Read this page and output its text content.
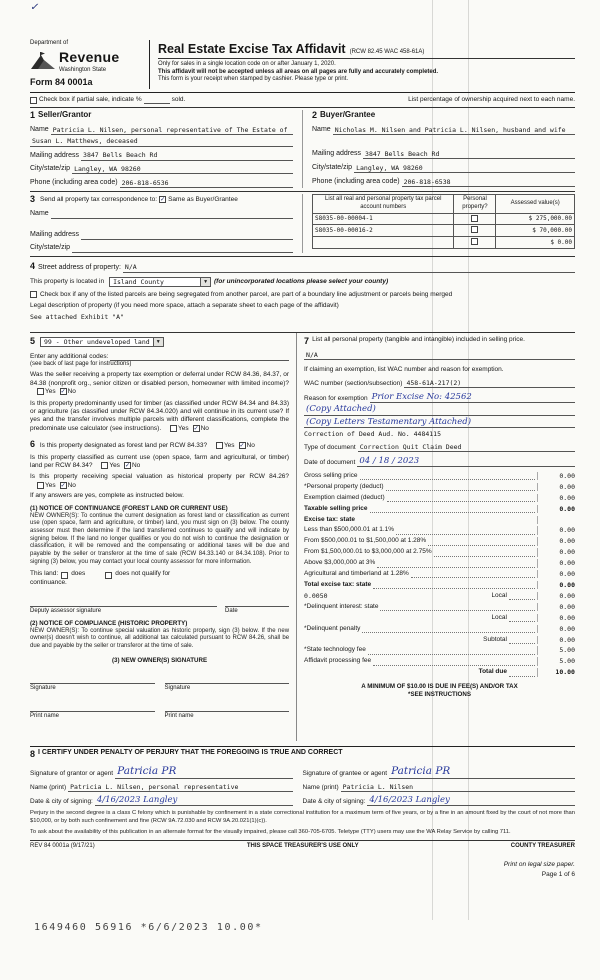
✓
Department of
Revenue
Washington State
Form 84 0001a
Real Estate Excise Tax Affidavit (RCW 82.45 WAC 458-61A)
Only for sales in a single location code on or after January 1, 2020.
This affidavit will not be accepted unless all areas on all pages are fully and accurately completed.
This form is your receipt when stamped by cashier. Please type or print.
Check box if partial sale, indicate %	sold.	List percentage of ownership acquired next to each name.
1 Seller/Grantor
Name Patricia L. Nilsen, personal representative of The Estate of
Susan L. Matthews, deceased
Mailing address 3847 Bells Beach Rd
City/state/zip Langley, WA 98260
Phone (including area code) 206-818-6536
2 Buyer/Grantee
Name Nicholas M. Nilsen and Patricia L. Nilsen, husband and wife
Mailing address 3847 Bells Beach Rd
City/state/zip Langley, WA 98260
Phone (including area code) 206-818-6538
3 Send all property tax correspondence to: ✓ Same as Buyer/Grantee
Name
Mailing address
City/state/zip
List all real and personal property tax parcel account numbers	Personal property?	Assessed value(s)
S8035-00-00004-1		$ 275,000.00
S8035-00-00016-2		$ 70,000.00
		$ 0.00
4 Street address of property: N/A
This property is located in	Island County	▼ (for unincorporated locations please select your county)
Check box if any of the listed parcels are being segregated from another parcel, are part of a boundary line adjustment or parcels being merged
Legal description of property (if you need more space, attach a separate sheet to each page of the affidavit)
See attached Exhibit "A"
5	99 - Other undeveloped land	▼
Enter any additional codes:
(see back of last page for instructions)
Was the seller receiving a property tax exemption or deferral under RCW 84.36, 84.37, or 84.38 (nonprofit org., senior citizen or disabled person, homeowner with limited income)? Yes ✓ No
Is this property predominantly used for timber (as classified under RCW 84.34 and 84.33) or agriculture (as classified under RCW 84.34.020) and will continue in its current use? If yes and the transfer involves multiple parcels with different classifications, complete the predominate use calculator (see instructions).	Yes ✓ No
6 Is this property designated as forest land per RCW 84.33?	Yes ✓ No
Is this property classified as current use (open space, farm and agricultural, or timber) land per RCW 84.34?	Yes ✓ No
Is this property receiving special valuation as historical property per RCW 84.26? Yes ✓ No
If any answers are yes, complete as instructed below.
(1) NOTICE OF CONTINUANCE (FOREST LAND OR CURRENT USE)
NEW OWNER(S): To continue the current designation as forest land or classification as current use (open space, farm and agriculture, or timber) land, you must sign on (3) below. The county assessor must then determine if the land transferred continues to qualify and will indicate by signing below. If the land no longer qualifies or you do not wish to continue the designation or classification, it will be removed and the compensating or additional taxes will be due and payable by the seller or transferor at the time of sale (RCW 84.33.140 or 84.34.108). Prior to signing (3) below, you may contact your local county assessor for more information.
This land: does	does not qualify for
continuance.
Deputy assessor signature	Date
(2) NOTICE OF COMPLIANCE (HISTORIC PROPERTY)
NEW OWNER(S): To continue special valuation as historic property, sign (3) below. If the new owner(s) doesn't wish to continue, all additional tax calculated pursuant to RCW 84.26, shall be due and payable by the seller or transferor at the time of sale.
(3) NEW OWNER(S) SIGNATURE
Signature	Signature
Print name	Print name
7 List all personal property (tangible and intangible) included in selling price.
N/A
If claiming an exemption, list WAC number and reason for exemption.
WAC number (section/subsection) 458-61A-217(2)
Reason for exemption Prior Excise No: 42562
(Copy Attached)
(Copy Letters Testamentary Attached)
Correction of Deed Aud. No. 4484115
Type of document Correction Quit Claim Deed
Date of document 04 / 18 / 2023
Gross selling price	0.00
*Personal property (deduct)	0.00
Exemption claimed (deduct)	0.00
Taxable selling price	0.00
Excise tax: state

Less than $500,000.01 at 1.1%	0.00
From $500,000.01 to $1,500,000 at 1.28%	0.00
From $1,500,000.01 to $3,000,000 at 2.75%	0.00
Above $3,000,000 at 3%	0.00
Agricultural and timberland at 1.28%	0.00
Total excise tax: state	0.00
0.0050	Local	0.00
*Delinquent interest: state	0.00
Local	0.00
*Delinquent penalty	0.00
Subtotal	0.00
*State technology fee	5.00
Affidavit processing fee	5.00
Total due	10.00
A MINIMUM OF $10.00 IS DUE IN FEE(S) AND/OR TAX
*SEE INSTRUCTIONS
8 I CERTIFY UNDER PENALTY OF PERJURY THAT THE FOREGOING IS TRUE AND CORRECT
Signature of grantor or agent Patricia PR	Signature of grantee or agent Patricia PR
Name (print) Patricia L. Nilsen, personal representative	Name (print) Patricia L. Nilsen
Date & city of signing: 4/16/2023 Langley	Date & city of signing: 4/16/2023 Langley
Perjury in the second degree is a class C felony which is punishable by confinement in a state correctional institution for a maximum term of five years, or by a fine in an amount fixed by the court of not more than $10,000, or by both such confinement and fine (RCW 9A.72.030 and RCW 9A.20.021(1)(c)).
To ask about the availability of this publication in an alternate format for the visually impaired, please call 360-705-6705. Teletype (TTY) users may use the WA Relay Service by calling 711.
REV 84 0001a (9/17/21)	THIS SPACE TREASURER'S USE ONLY	COUNTY TREASURER
Print on legal size paper.
Page 1 of 6
1649460 56916 *6/6/2023 10.00*
